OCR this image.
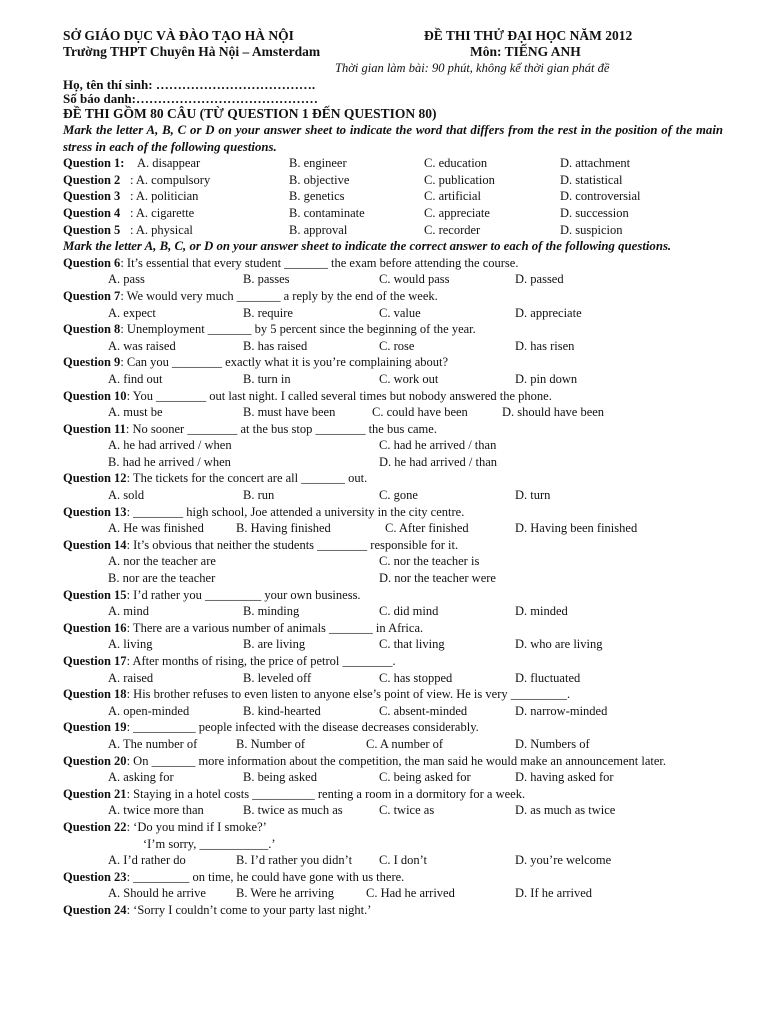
SỞ GIÁO DỤC VÀ ĐÀO TẠO HÀ NỘI
Trường THPT Chuyên Hà Nội – Amsterdam
ĐỀ THI THỬ ĐẠI HỌC NĂM 2012
Môn: TIẾNG ANH
Thời gian làm bài: 90 phút, không kể thời gian phát đề
Họ, tên thí sinh: ……………………………….
Số báo danh:……………………………………
ĐỀ THI GỒM 80 CÂU (TỪ QUESTION 1 ĐẾN QUESTION 80)
Mark the letter A, B, C or D on your answer sheet to indicate the word that differs from the rest in the position of the main stress in each of the following questions.
Question 1: A. disappear	B. engineer	C. education	D. attachment
Question 2 : A. compulsory	B. objective	C. publication	D. statistical
Question 3 : A. politician	B. genetics	C. artificial	D. controversial
Question 4 : A. cigarette	B. contaminate	C. appreciate	D. succession
Question 5 : A. physical	B. approval	C. recorder	D. suspicion
Mark the letter A, B, C, or D on your answer sheet to indicate the correct answer to each of the following questions.
Question 6: It’s essential that every student _______ the exam before attending the course.
A. pass	B. passes	C. would pass	D. passed
Question 7: We would very much _______ a reply by the end of the week.
A. expect	B. require	C. value	D. appreciate
Question 8: Unemployment _______ by 5 percent since the beginning of the year.
A. was raised	B. has raised	C. rose	D. has risen
Question 9: Can you ________ exactly what it is you’re complaining about?
A. find out	B. turn in	C. work out	D. pin down
Question 10: You ________ out last night. I called several times but nobody answered the phone.
A. must be	B. must have been	C. could have been	D. should have been
Question 11: No sooner ________ at the bus stop ________ the bus came.
A. he had arrived / when	C. had he arrived / than
B. had he arrived / when	D. he had arrived / than
Question 12: The tickets for the concert are all _______ out.
A. sold	B. run	C. gone	D. turn
Question 13: ________ high school, Joe attended a university in the city centre.
A. He was finished	B. Having finished	C. After finished	D. Having been finished
Question 14: It’s obvious that neither the students ________ responsible for it.
A. nor the teacher are	C. nor the teacher is
B. nor are the teacher	D. nor the teacher were
Question 15: I’d rather you _________ your own business.
A. mind	B. minding	C. did mind	D. minded
Question 16: There are a various number of animals _______ in Africa.
A. living	B. are living	C. that living	D. who are living
Question 17: After months of rising, the price of petrol ________.
A. raised	B. leveled off	C. has stopped	D. fluctuated
Question 18: His brother refuses to even listen to anyone else’s point of view. He is very _________.
A. open-minded	B. kind-hearted	C. absent-minded	D. narrow-minded
Question 19: __________ people infected with the disease decreases considerably.
A. The number of	B. Number of	C. A number of	D. Numbers of
Question 20: On _______ more information about the competition, the man said he would make an announcement later.
A. asking for	B. being asked	C. being asked for	D. having asked for
Question 21: Staying in a hotel costs __________ renting a room in a dormitory for a week.
A. twice more than	B. twice as much as	C. twice as	D. as much as twice
Question 22: ‘Do you mind if I smoke?’
‘I’m sorry, ___________.’
A. I’d rather do	B. I’d rather you didn’t C. I don’t	D. you’re welcome
Question 23: _________ on time, he could have gone with us there.
A. Should he arrive B. Were he arriving	C. Had he arrived	D. If he arrived
Question 24: ‘Sorry I couldn’t come to your party last night.’
